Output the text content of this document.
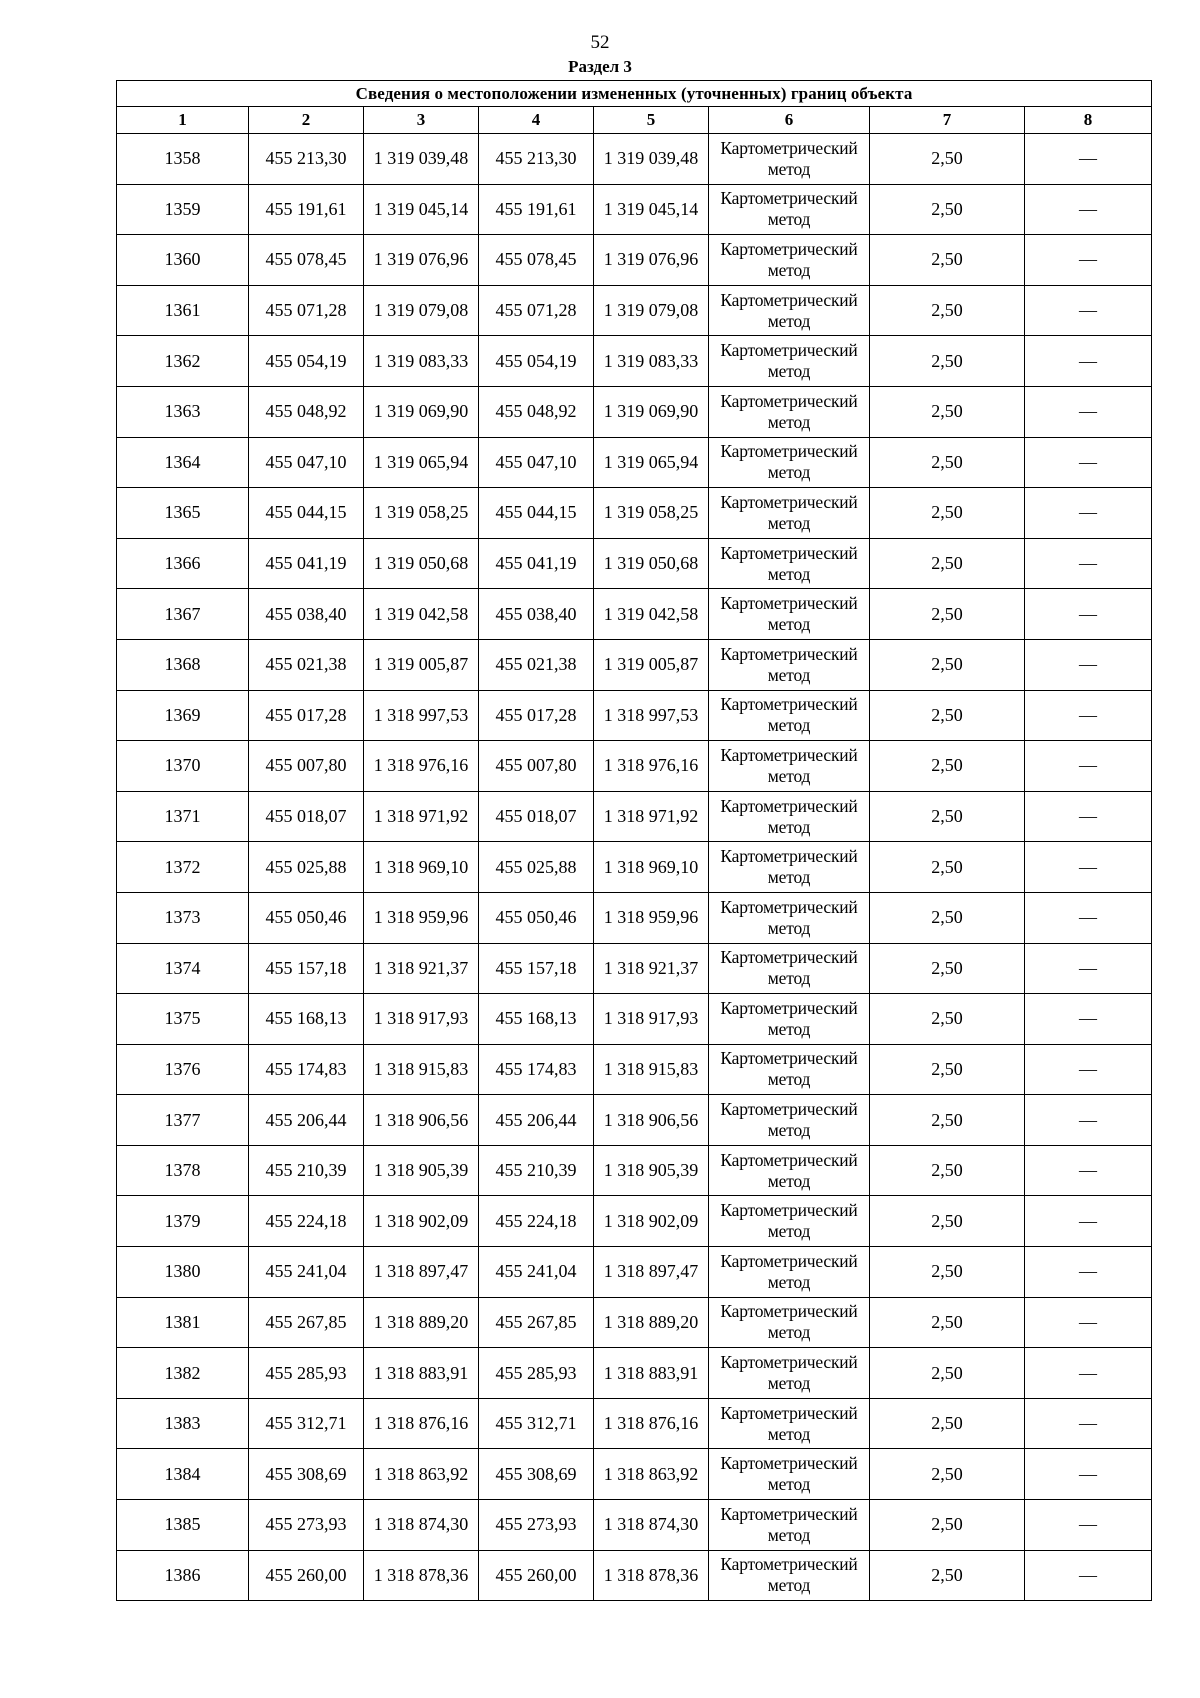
52
Раздел 3
Сведения о местоположении измененных (уточненных) границ объекта							
1	2	3	4	5	6	7	8
1358	455 213,30	1 319 039,48	455 213,30	1 319 039,48	Картометрический метод	2,50	—
1359	455 191,61	1 319 045,14	455 191,61	1 319 045,14	Картометрический метод	2,50	—
1360	455 078,45	1 319 076,96	455 078,45	1 319 076,96	Картометрический метод	2,50	—
1361	455 071,28	1 319 079,08	455 071,28	1 319 079,08	Картометрический метод	2,50	—
1362	455 054,19	1 319 083,33	455 054,19	1 319 083,33	Картометрический метод	2,50	—
1363	455 048,92	1 319 069,90	455 048,92	1 319 069,90	Картометрический метод	2,50	—
1364	455 047,10	1 319 065,94	455 047,10	1 319 065,94	Картометрический метод	2,50	—
1365	455 044,15	1 319 058,25	455 044,15	1 319 058,25	Картометрический метод	2,50	—
1366	455 041,19	1 319 050,68	455 041,19	1 319 050,68	Картометрический метод	2,50	—
1367	455 038,40	1 319 042,58	455 038,40	1 319 042,58	Картометрический метод	2,50	—
1368	455 021,38	1 319 005,87	455 021,38	1 319 005,87	Картометрический метод	2,50	—
1369	455 017,28	1 318 997,53	455 017,28	1 318 997,53	Картометрический метод	2,50	—
1370	455 007,80	1 318 976,16	455 007,80	1 318 976,16	Картометрический метод	2,50	—
1371	455 018,07	1 318 971,92	455 018,07	1 318 971,92	Картометрический метод	2,50	—
1372	455 025,88	1 318 969,10	455 025,88	1 318 969,10	Картометрический метод	2,50	—
1373	455 050,46	1 318 959,96	455 050,46	1 318 959,96	Картометрический метод	2,50	—
1374	455 157,18	1 318 921,37	455 157,18	1 318 921,37	Картометрический метод	2,50	—
1375	455 168,13	1 318 917,93	455 168,13	1 318 917,93	Картометрический метод	2,50	—
1376	455 174,83	1 318 915,83	455 174,83	1 318 915,83	Картометрический метод	2,50	—
1377	455 206,44	1 318 906,56	455 206,44	1 318 906,56	Картометрический метод	2,50	—
1378	455 210,39	1 318 905,39	455 210,39	1 318 905,39	Картометрический метод	2,50	—
1379	455 224,18	1 318 902,09	455 224,18	1 318 902,09	Картометрический метод	2,50	—
1380	455 241,04	1 318 897,47	455 241,04	1 318 897,47	Картометрический метод	2,50	—
1381	455 267,85	1 318 889,20	455 267,85	1 318 889,20	Картометрический метод	2,50	—
1382	455 285,93	1 318 883,91	455 285,93	1 318 883,91	Картометрический метод	2,50	—
1383	455 312,71	1 318 876,16	455 312,71	1 318 876,16	Картометрический метод	2,50	—
1384	455 308,69	1 318 863,92	455 308,69	1 318 863,92	Картометрический метод	2,50	—
1385	455 273,93	1 318 874,30	455 273,93	1 318 874,30	Картометрический метод	2,50	—
1386	455 260,00	1 318 878,36	455 260,00	1 318 878,36	Картометрический метод	2,50	—
